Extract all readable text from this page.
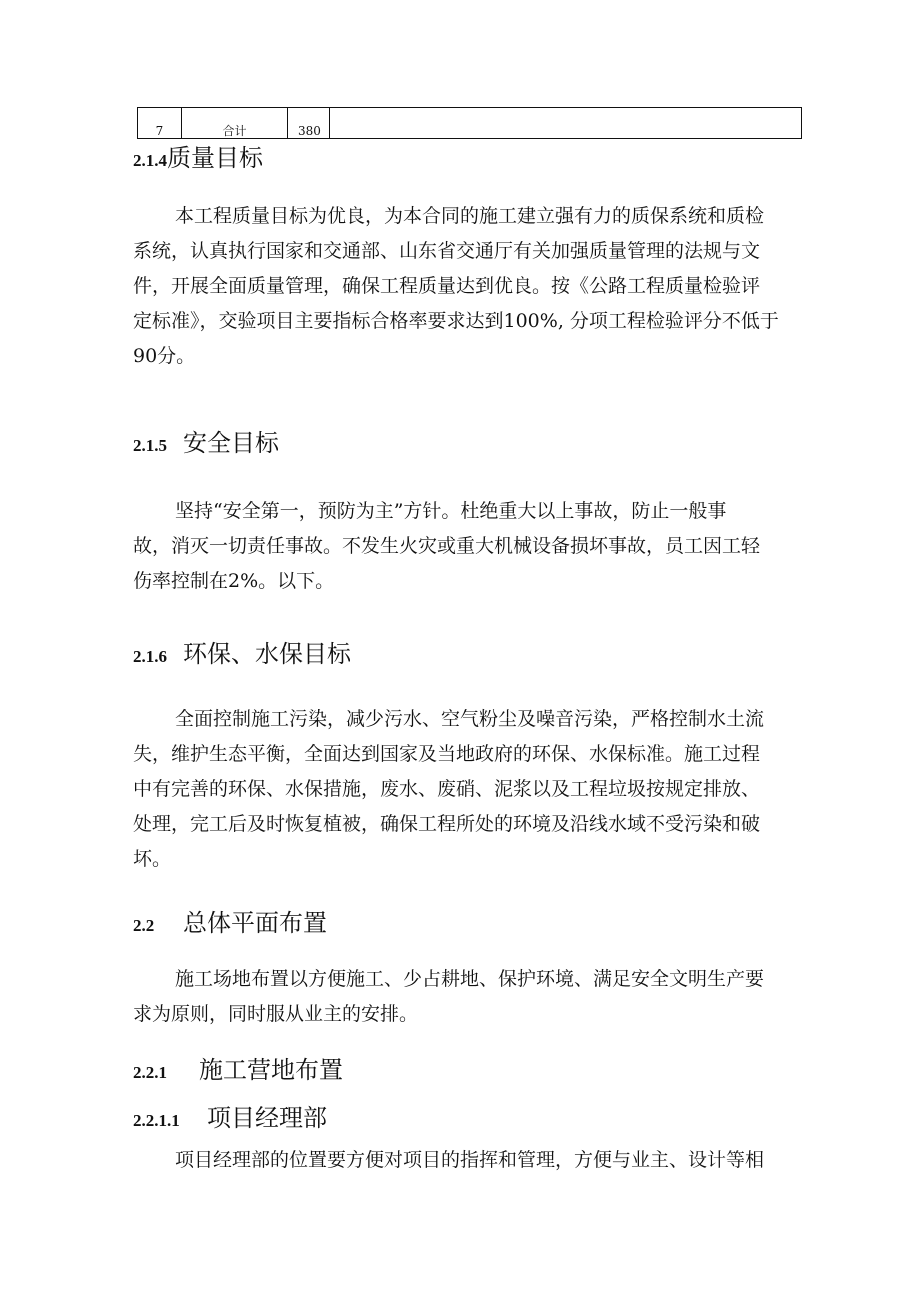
7	合计	380	
2.1.4质量目标
本工程质量目标为优良，为本合同的施工建立强有力的质保系统和质检
系统，认真执行国家和交通部、山东省交通厅有关加强质量管理的法规与文
件，开展全面质量管理，确保工程质量达到优良。按《公路工程质量检验评
定标准》，交验项目主要指标合格率要求达到100%, 分项工程检验评分不低于
90分。
2.1.5 安全目标
坚持“安全第一，预防为主”方针。杜绝重大以上事故，防止一般事
故，消灭一切责任事故。不发生火灾或重大机械设备损坏事故，员工因工轻
伤率控制在2%。以下。
2.1.6 环保、水保目标
全面控制施工污染，减少污水、空气粉尘及噪音污染，严格控制水土流
失，维护生态平衡，全面达到国家及当地政府的环保、水保标准。施工过程
中有完善的环保、水保措施，废水、废硝、泥浆以及工程垃圾按规定排放、
处理，完工后及时恢复植被，确保工程所处的环境及沿线水域不受污染和破
坏。
2.2 总体平面布置
施工场地布置以方便施工、少占耕地、保护环境、满足安全文明生产要
求为原则，同时服从业主的安排。
2.2.1 施工营地布置
2.2.1.1 项目经理部
项目经理部的位置要方便对项目的指挥和管理，方便与业主、设计等相
